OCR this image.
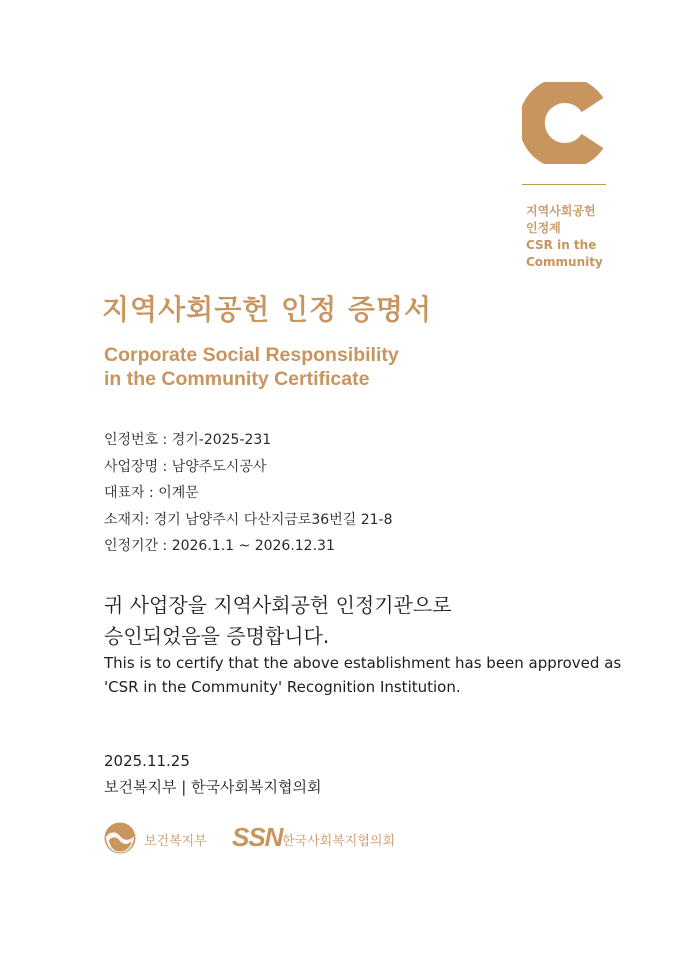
지역사회공헌
인정제
CSR in the
Community
지역사회공헌 인정 증명서
Corporate Social Responsibility
in the Community Certificate
인정번호 : 경기-2025-231
사업장명 : 남양주도시공사
대표자 : 이계문
소재지: 경기 남양주시 다산지금로36번길 21-8
인정기간 : 2026.1.1 ~ 2026.12.31
귀 사업장을 지역사회공헌 인정기관으로
승인되었음을 증명합니다.
This is to certify that the above establishment has been approved as
'CSR in the Community' Recognition Institution.
2025.11.25
보건복지부 | 한국사회복지협의회
보건복지부 SSN 한국사회복지협의회
